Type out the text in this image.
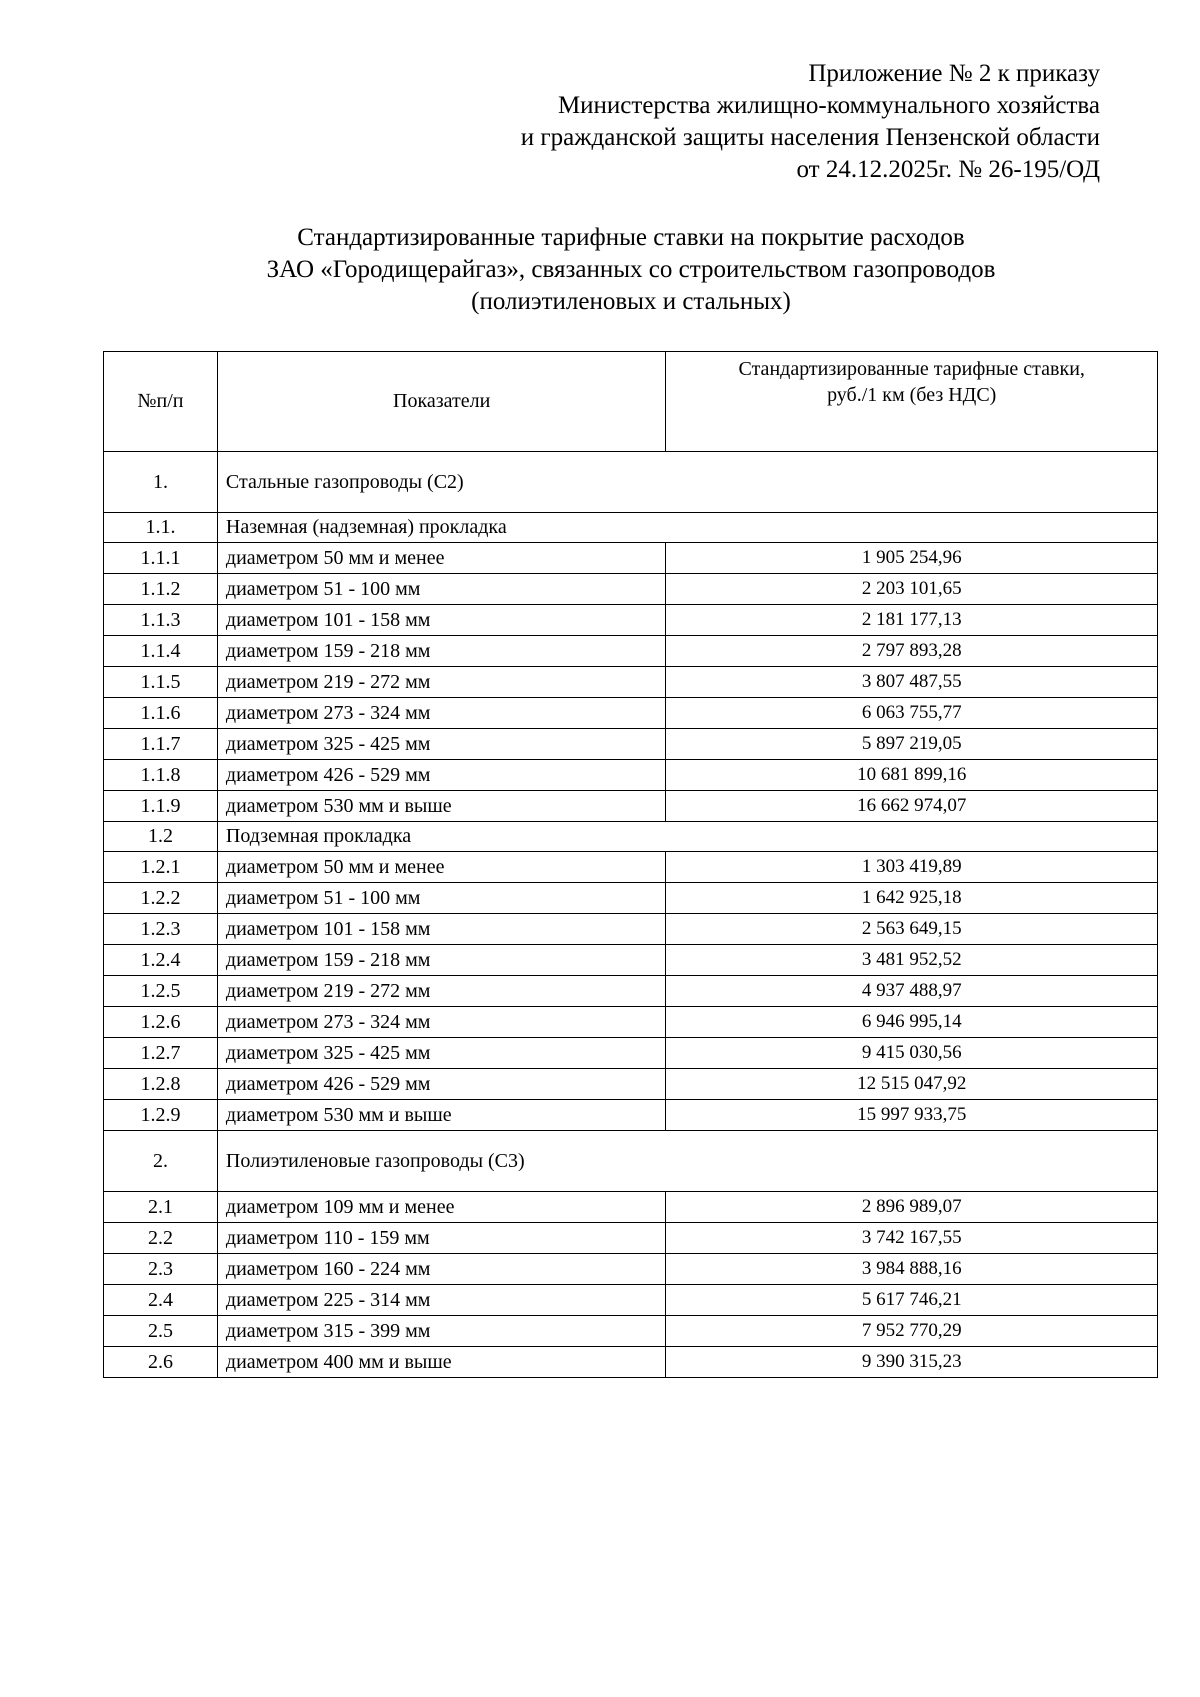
Приложение № 2 к приказу
Министерства жилищно-коммунального хозяйства
и гражданской защиты населения Пензенской области
от 24.12.2025г. № 26-195/ОД
Стандартизированные тарифные ставки на покрытие расходов
ЗАО «Городищерайгаз», связанных со строительством газопроводов
(полиэтиленовых и стальных)
№п/п	Показатели	Стандартизированные тарифные ставки,
руб./1 км (без НДС)

1.	Стальные газопроводы (С2)	
1.1.	Наземная (надземная) прокладка	
1.1.1	диаметром 50 мм и менее	1 905 254,96
1.1.2	диаметром 51 - 100 мм	2 203 101,65
1.1.3	диаметром 101 - 158 мм	2 181 177,13
1.1.4	диаметром 159 - 218 мм	2 797 893,28
1.1.5	диаметром 219 - 272 мм	3 807 487,55
1.1.6	диаметром 273 - 324 мм	6 063 755,77
1.1.7	диаметром 325 - 425 мм	5 897 219,05
1.1.8	диаметром 426 - 529 мм	10 681 899,16
1.1.9	диаметром 530 мм и выше	16 662 974,07
1.2	Подземная прокладка	
1.2.1	диаметром 50 мм и менее	1 303 419,89
1.2.2	диаметром 51 - 100 мм	1 642 925,18
1.2.3	диаметром 101 - 158 мм	2 563 649,15
1.2.4	диаметром 159 - 218 мм	3 481 952,52
1.2.5	диаметром 219 - 272 мм	4 937 488,97
1.2.6	диаметром 273 - 324 мм	6 946 995,14
1.2.7	диаметром 325 - 425 мм	9 415 030,56
1.2.8	диаметром 426 - 529 мм	12 515 047,92
1.2.9	диаметром 530 мм и выше	15 997 933,75
2.	Полиэтиленовые газопроводы (С3)	
2.1	диаметром 109 мм и менее	2 896 989,07
2.2	диаметром 110 - 159 мм	3 742 167,55
2.3	диаметром 160 - 224 мм	3 984 888,16
2.4	диаметром 225 - 314 мм	5 617 746,21
2.5	диаметром 315 - 399 мм	7 952 770,29
2.6	диаметром 400 мм и выше	9 390 315,23
